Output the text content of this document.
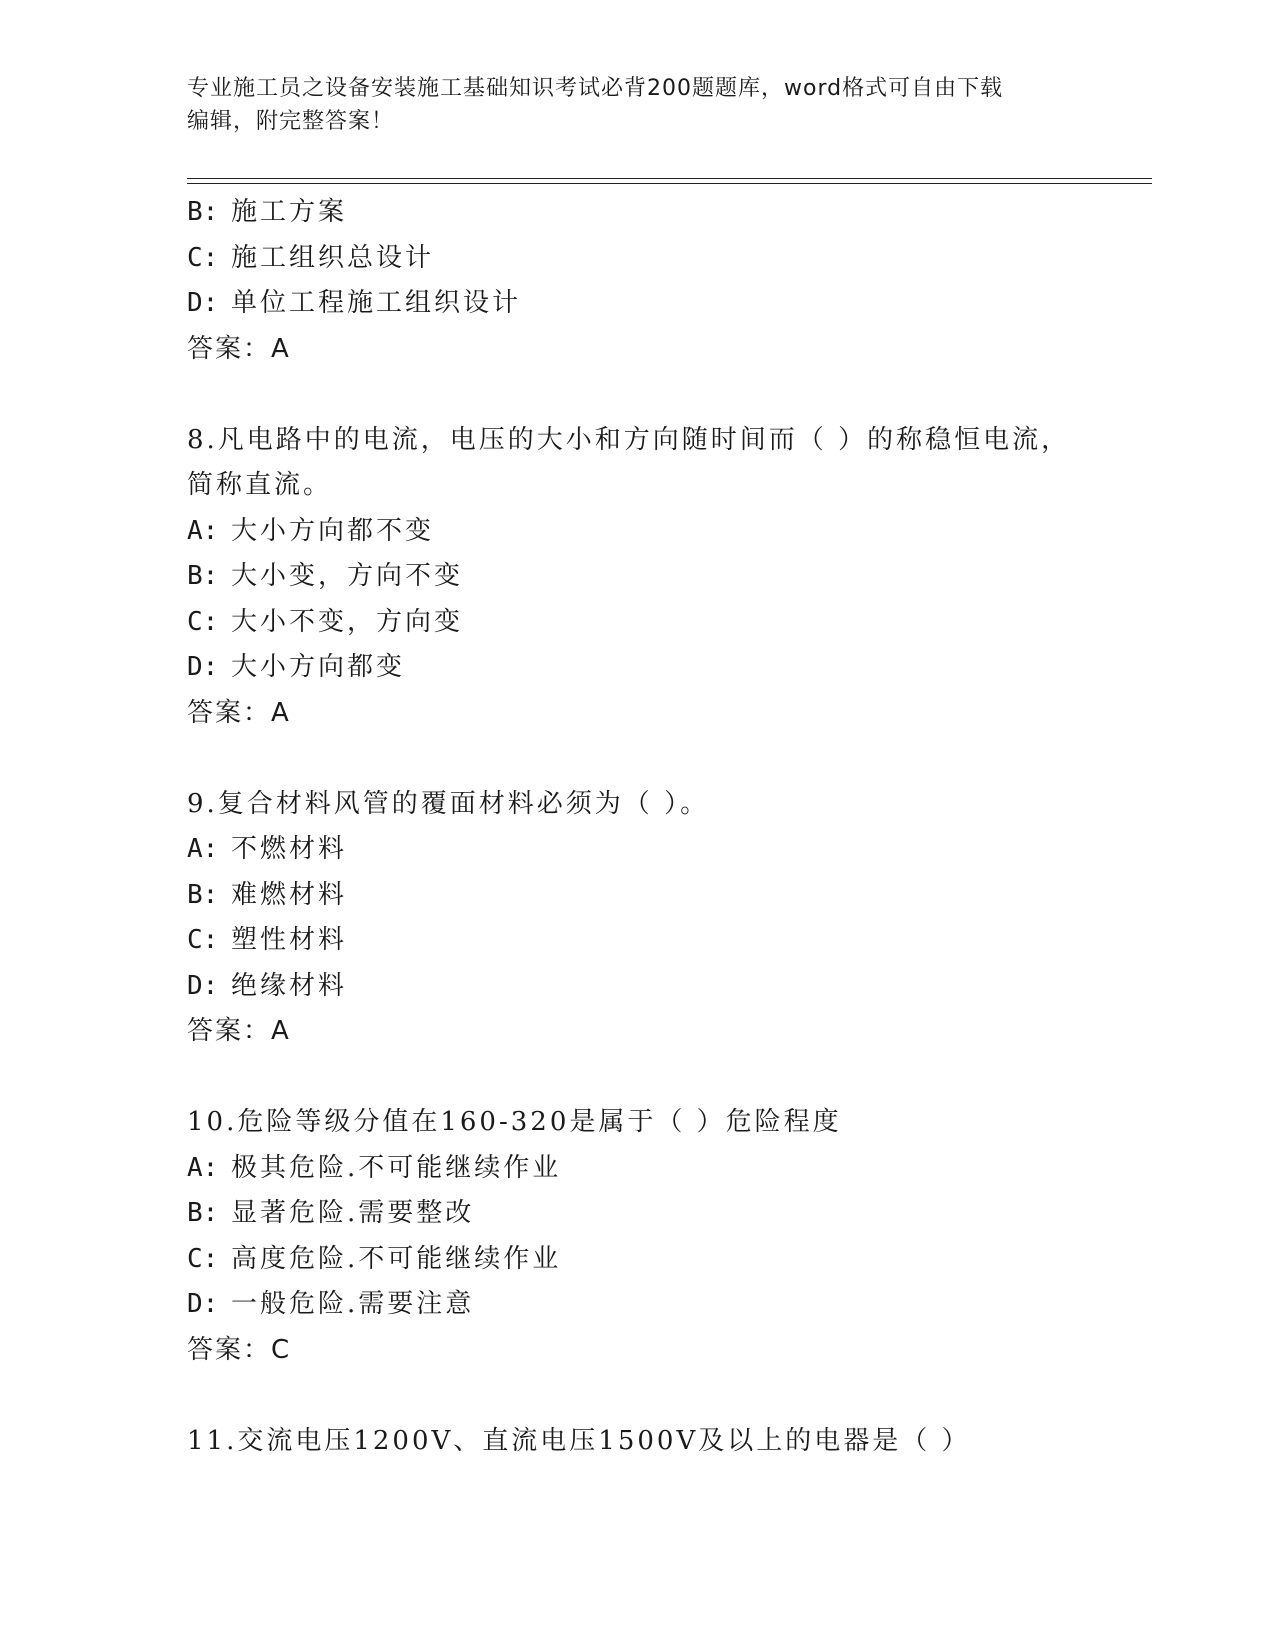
专业施工员之设备安装施工基础知识考试必背200题题库，word格式可自由下载
编辑，附完整答案！
B: 施工方案
C: 施工组织总设计
D: 单位工程施工组织设计
答案：A
8.凡电路中的电流，电压的大小和方向随时间而（ ）的称稳恒电流，
简称直流。
A: 大小方向都不变
B: 大小变，方向不变
C: 大小不变，方向变
D: 大小方向都变
答案：A
9.复合材料风管的覆面材料必须为（ ）。
A: 不燃材料
B: 难燃材料
C: 塑性材料
D: 绝缘材料
答案：A
10.危险等级分值在160-320是属于（ ）危险程度
A: 极其危险.不可能继续作业
B: 显著危险.需要整改
C: 高度危险.不可能继续作业
D: 一般危险.需要注意
答案：C
11.交流电压1200V、直流电压1500V及以上的电器是（ ）
